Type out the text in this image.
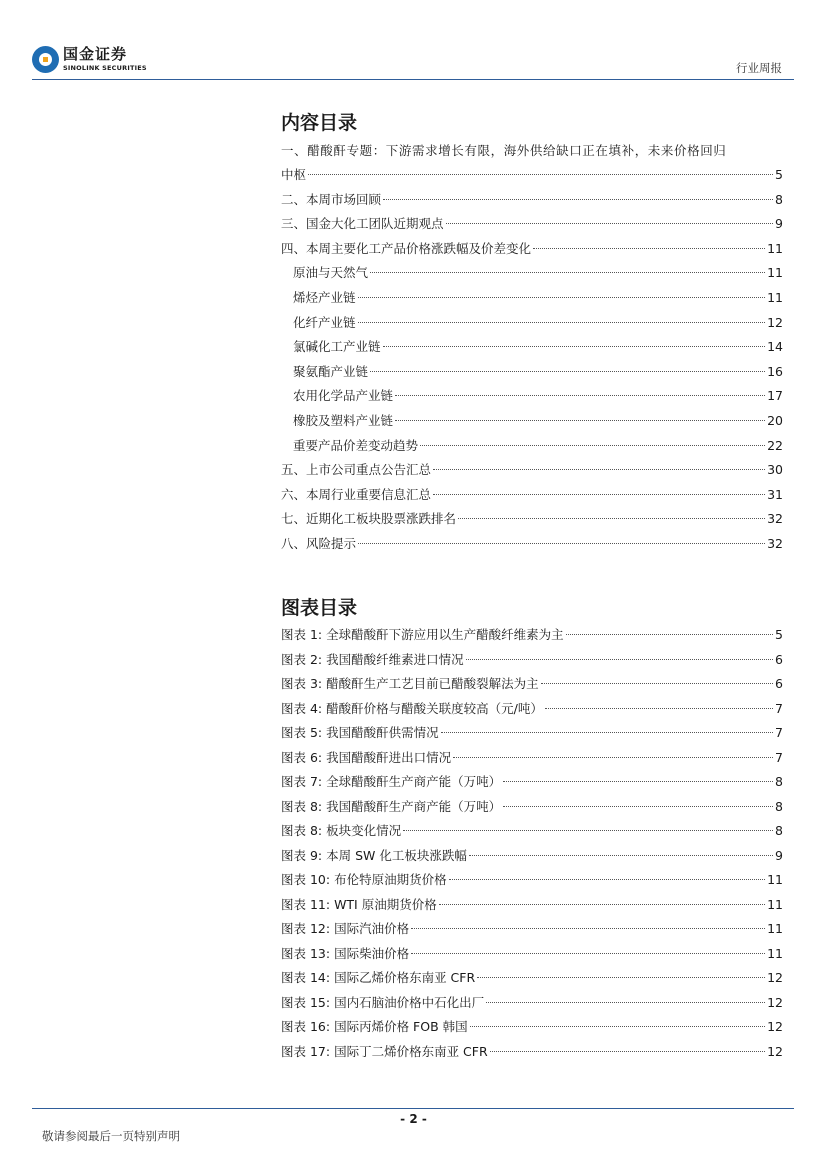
国金证券
SINOLINK SECURITIES	行业周报
内容目录
一、醋酸酐专题：下游需求增长有限，海外供给缺口正在填补，未来价格回归
中枢	5
二、本周市场回顾	8
三、国金大化工团队近期观点	9
四、本周主要化工产品价格涨跌幅及价差变化	11
原油与天然气	11
烯烃产业链	11
化纤产业链	12
氯碱化工产业链	14
聚氨酯产业链	16
农用化学品产业链	17
橡胶及塑料产业链	20
重要产品价差变动趋势	22
五、上市公司重点公告汇总	30
六、本周行业重要信息汇总	31
七、近期化工板块股票涨跌排名	32
八、风险提示	32
图表目录
图表 1: 全球醋酸酐下游应用以生产醋酸纤维素为主	5
图表 2: 我国醋酸纤维素进口情况	6
图表 3: 醋酸酐生产工艺目前已醋酸裂解法为主	6
图表 4: 醋酸酐价格与醋酸关联度较高（元/吨）	7
图表 5: 我国醋酸酐供需情况	7
图表 6: 我国醋酸酐进出口情况	7
图表 7: 全球醋酸酐生产商产能（万吨）	8
图表 8: 我国醋酸酐生产商产能（万吨）	8
图表 8: 板块变化情况	8
图表 9: 本周 SW 化工板块涨跌幅	9
图表 10: 布伦特原油期货价格	11
图表 11: WTI 原油期货价格	11
图表 12: 国际汽油价格	11
图表 13: 国际柴油价格	11
图表 14: 国际乙烯价格东南亚 CFR	12
图表 15: 国内石脑油价格中石化出厂	12
图表 16: 国际丙烯价格 FOB 韩国	12
图表 17: 国际丁二烯价格东南亚 CFR	12
- 2 -
敬请参阅最后一页特别声明
